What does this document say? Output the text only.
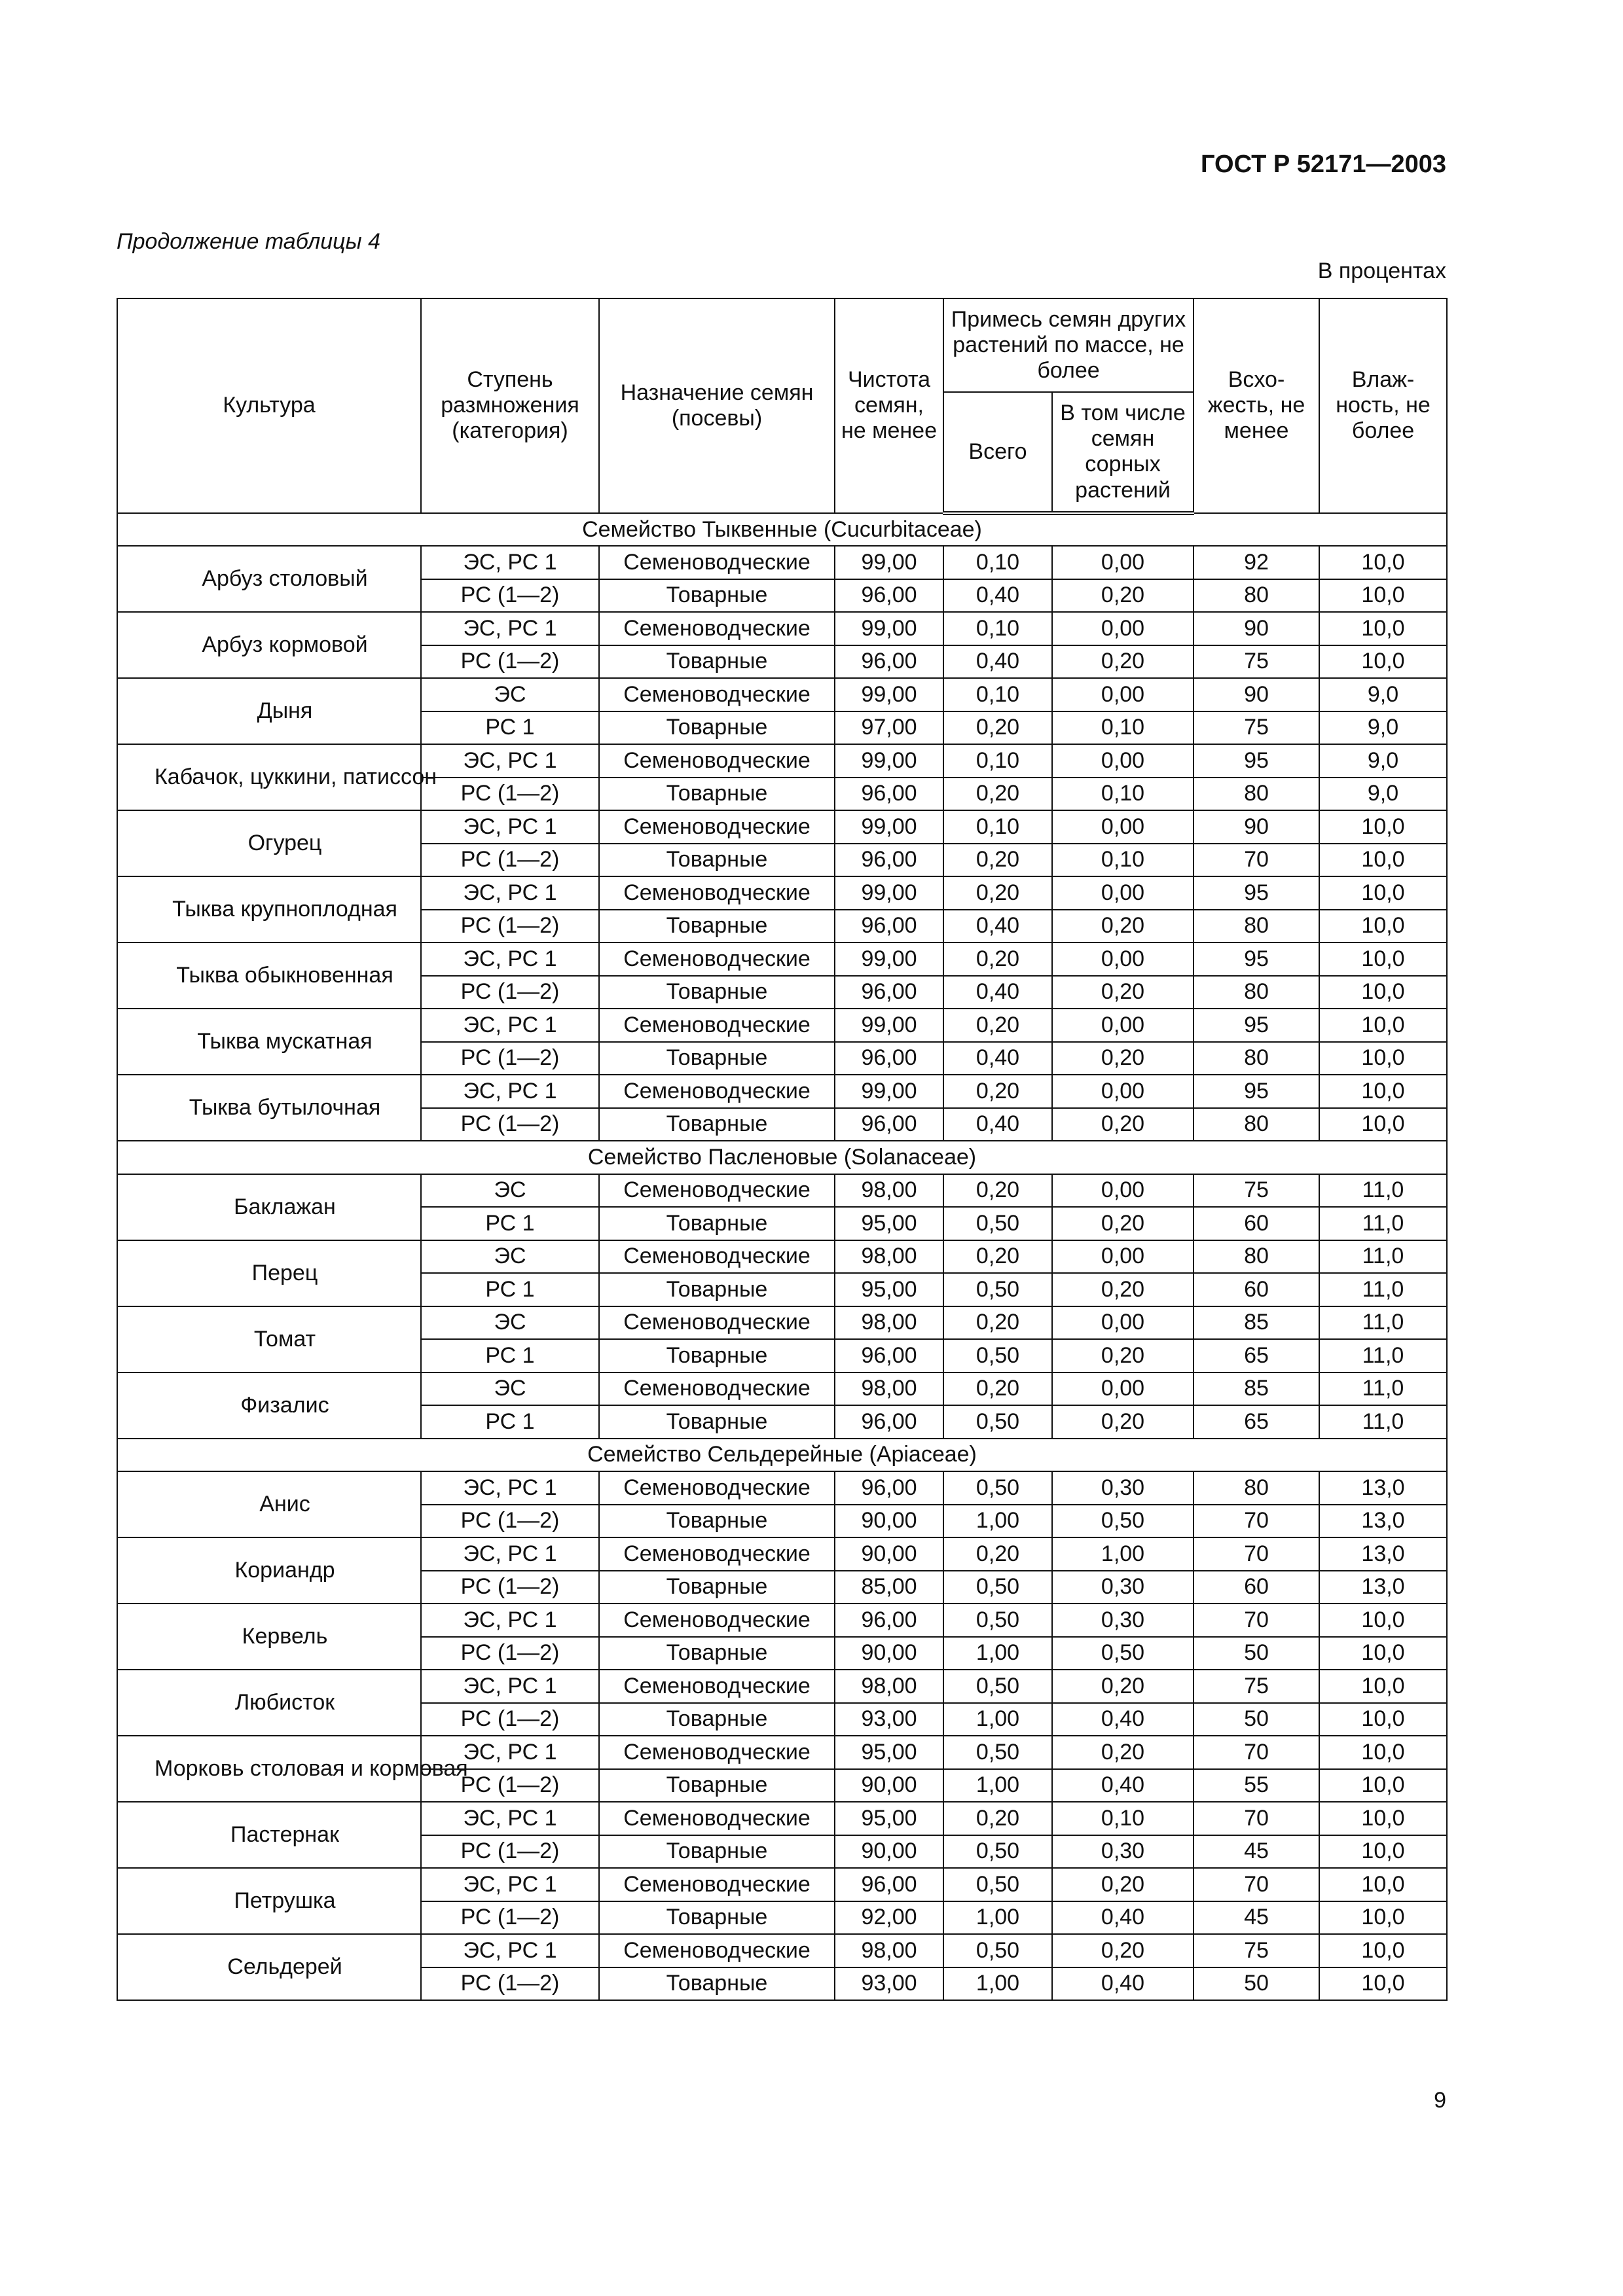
ГОСТ Р 52171—2003
Продолжение таблицы 4
В процентах
Культура	Ступень размножения (категория)	Назначение семян (посевы)	Чистота семян, не менее	Примесь семян других растений по массе, не более		Всхо-жесть, не менее	Влаж-ность, не более
				Всего	В том числе семян сорных растений		
Семейство Тыквенные (Cucurbitaceae)							
Арбуз столовый	ЭС, РС 1	Семеноводческие	99,00	0,10	0,00	92	10,0
	РС (1—2)	Товарные	96,00	0,40	0,20	80	10,0
Арбуз кормовой	ЭС, РС 1	Семеноводческие	99,00	0,10	0,00	90	10,0
	РС (1—2)	Товарные	96,00	0,40	0,20	75	10,0
Дыня	ЭС	Семеноводческие	99,00	0,10	0,00	90	9,0
	РС 1	Товарные	97,00	0,20	0,10	75	9,0
Кабачок, цуккини, патиссон	ЭС, РС 1	Семеноводческие	99,00	0,10	0,00	95	9,0
	РС (1—2)	Товарные	96,00	0,20	0,10	80	9,0
Огурец	ЭС, РС 1	Семеноводческие	99,00	0,10	0,00	90	10,0
	РС (1—2)	Товарные	96,00	0,20	0,10	70	10,0
Тыква крупноплодная	ЭС, РС 1	Семеноводческие	99,00	0,20	0,00	95	10,0
	РС (1—2)	Товарные	96,00	0,40	0,20	80	10,0
Тыква обыкновенная	ЭС, РС 1	Семеноводческие	99,00	0,20	0,00	95	10,0
	РС (1—2)	Товарные	96,00	0,40	0,20	80	10,0
Тыква мускатная	ЭС, РС 1	Семеноводческие	99,00	0,20	0,00	95	10,0
	РС (1—2)	Товарные	96,00	0,40	0,20	80	10,0
Тыква бутылочная	ЭС, РС 1	Семеноводческие	99,00	0,20	0,00	95	10,0
	РС (1—2)	Товарные	96,00	0,40	0,20	80	10,0
Семейство Пасленовые (Solanaceae)							
Баклажан	ЭС	Семеноводческие	98,00	0,20	0,00	75	11,0
	РС 1	Товарные	95,00	0,50	0,20	60	11,0
Перец	ЭС	Семеноводческие	98,00	0,20	0,00	80	11,0
	РС 1	Товарные	95,00	0,50	0,20	60	11,0
Томат	ЭС	Семеноводческие	98,00	0,20	0,00	85	11,0
	РС 1	Товарные	96,00	0,50	0,20	65	11,0
Физалис	ЭС	Семеноводческие	98,00	0,20	0,00	85	11,0
	РС 1	Товарные	96,00	0,50	0,20	65	11,0
Семейство Сельдерейные (Apiaceae)							
Анис	ЭС, РС 1	Семеноводческие	96,00	0,50	0,30	80	13,0
	РС (1—2)	Товарные	90,00	1,00	0,50	70	13,0
Кориандр	ЭС, РС 1	Семеноводческие	90,00	0,20	1,00	70	13,0
	РС (1—2)	Товарные	85,00	0,50	0,30	60	13,0
Кервель	ЭС, РС 1	Семеноводческие	96,00	0,50	0,30	70	10,0
	РС (1—2)	Товарные	90,00	1,00	0,50	50	10,0
Любисток	ЭС, РС 1	Семеноводческие	98,00	0,50	0,20	75	10,0
	РС (1—2)	Товарные	93,00	1,00	0,40	50	10,0
Морковь столовая и кормовая	ЭС, РС 1	Семеноводческие	95,00	0,50	0,20	70	10,0
	РС (1—2)	Товарные	90,00	1,00	0,40	55	10,0
Пастернак	ЭС, РС 1	Семеноводческие	95,00	0,20	0,10	70	10,0
	РС (1—2)	Товарные	90,00	0,50	0,30	45	10,0
Петрушка	ЭС, РС 1	Семеноводческие	96,00	0,50	0,20	70	10,0
	РС (1—2)	Товарные	92,00	1,00	0,40	45	10,0
Сельдерей	ЭС, РС 1	Семеноводческие	98,00	0,50	0,20	75	10,0
	РС (1—2)	Товарные	93,00	1,00	0,40	50	10,0
9
